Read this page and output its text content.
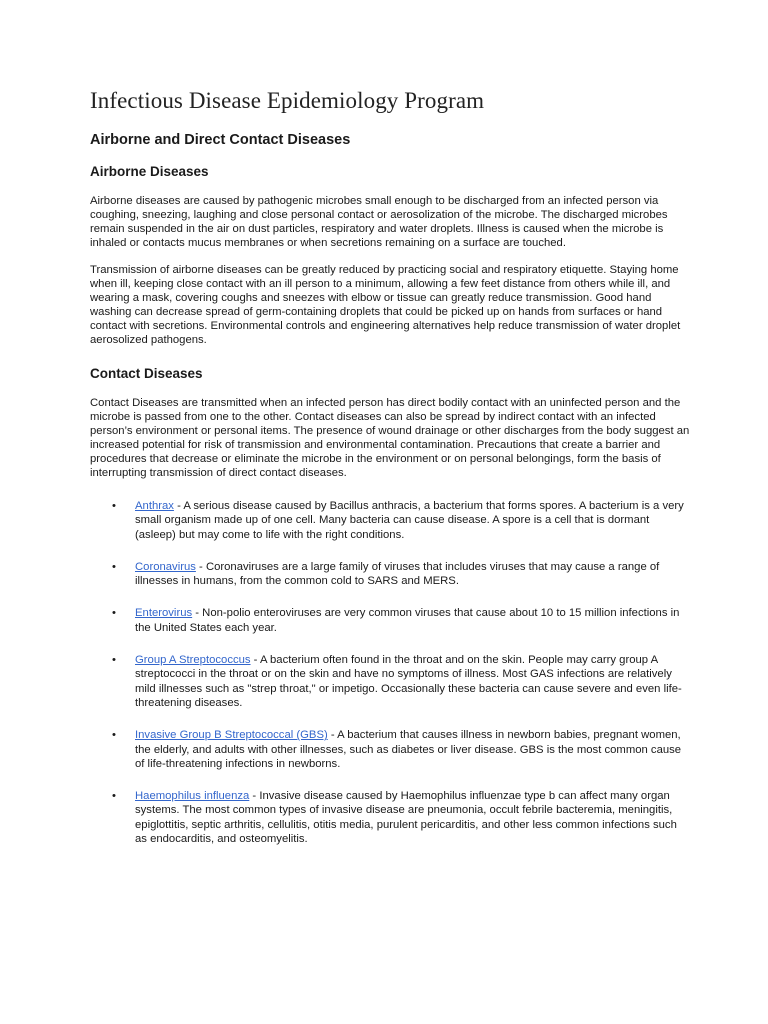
Infectious Disease Epidemiology Program
Airborne and Direct Contact Diseases
Airborne Diseases

Airborne diseases are caused by pathogenic microbes small enough to be discharged from an infected person via coughing, sneezing, laughing and close personal contact or aerosolization of the microbe. The discharged microbes remain suspended in the air on dust particles, respiratory and water droplets. Illness is caused when the microbe is inhaled or contacts mucus membranes or when secretions remaining on a surface are touched.

Transmission of airborne diseases can be greatly reduced by practicing social and respiratory etiquette. Staying home when ill, keeping close contact with an ill person to a minimum, allowing a few feet distance from others while ill, and wearing a mask, covering coughs and sneezes with elbow or tissue can greatly reduce transmission. Good hand washing can decrease spread of germ-containing droplets that could be picked up on hands from surfaces or hand contact with secretions. Environmental controls and engineering alternatives help reduce transmission of water droplet aerosolized pathogens.

Contact Diseases

Contact Diseases are transmitted when an infected person has direct bodily contact with an uninfected person and the microbe is passed from one to the other. Contact diseases can also be spread by indirect contact with an infected person’s environment or personal items. The presence of wound drainage or other discharges from the body suggest an increased potential for risk of transmission and environmental contamination. Precautions that create a barrier and procedures that decrease or eliminate the microbe in the environment or on personal belongings, form the basis of interrupting transmission of direct contact diseases.

• Anthrax - A serious disease caused by Bacillus anthracis, a bacterium that forms spores. A bacterium is a very small organism made up of one cell. Many bacteria can cause disease. A spore is a cell that is dormant (asleep) but may come to life with the right conditions.
• Coronavirus - Coronaviruses are a large family of viruses that includes viruses that may cause a range of illnesses in humans, from the common cold to SARS and MERS.
• Enterovirus - Non-polio enteroviruses are very common viruses that cause about 10 to 15 million infections in the United States each year.
• Group A Streptococcus - A bacterium often found in the throat and on the skin. People may carry group A streptococci in the throat or on the skin and have no symptoms of illness. Most GAS infections are relatively mild illnesses such as "strep throat," or impetigo. Occasionally these bacteria can cause severe and even life-threatening diseases.
• Invasive Group B Streptococcal (GBS) - A bacterium that causes illness in newborn babies, pregnant women, the elderly, and adults with other illnesses, such as diabetes or liver disease. GBS is the most common cause of life-threatening infections in newborns.
• Haemophilus influenza - Invasive disease caused by Haemophilus influenzae type b can affect many organ systems. The most common types of invasive disease are pneumonia, occult febrile bacteremia, meningitis, epiglottitis, septic arthritis, cellulitis, otitis media, purulent pericarditis, and other less common infections such as endocarditis, and osteomyelitis.
